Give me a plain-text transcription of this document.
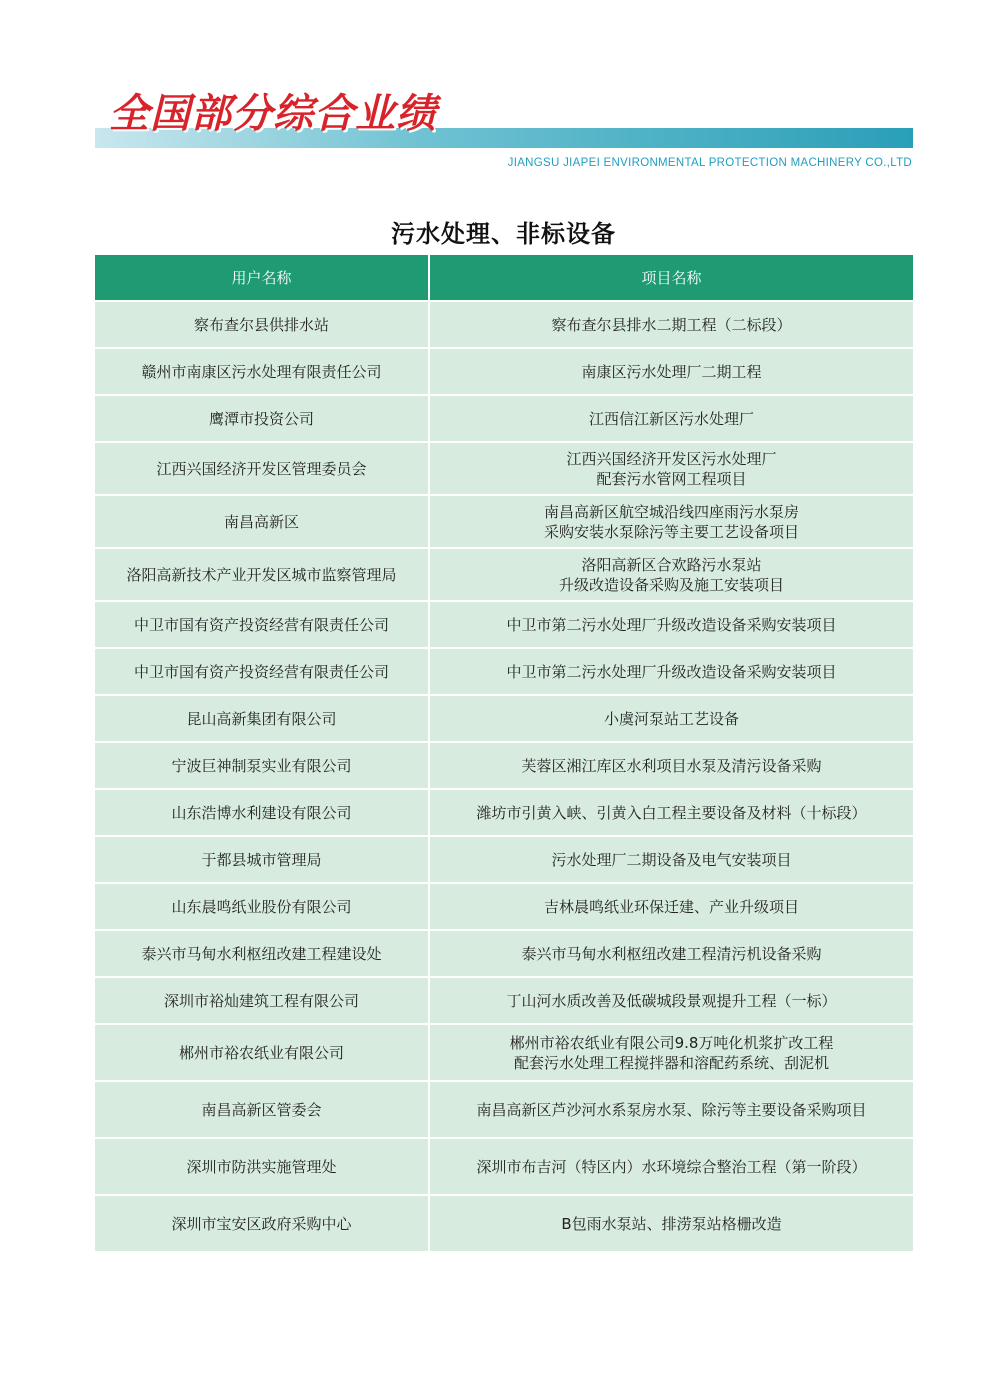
全国部分综合业绩
JIANGSU JIAPEI ENVIRONMENTAL PROTECTION MACHINERY CO.,LTD
污水处理、非标设备
用户名称	项目名称
察布查尔县供排水站	察布查尔县排水二期工程（二标段）

赣州市南康区污水处理有限责任公司	南康区污水处理厂二期工程

鹰潭市投资公司	江西信江新区污水处理厂

江西兴国经济开发区管理委员会	江西兴国经济开发区污水处理厂
配套污水管网工程项目

南昌高新区	南昌高新区航空城沿线四座雨污水泵房
采购安装水泵除污等主要工艺设备项目

洛阳高新技术产业开发区城市监察管理局	洛阳高新区合欢路污水泵站
升级改造设备采购及施工安装项目

中卫市国有资产投资经营有限责任公司	中卫市第二污水处理厂升级改造设备采购安装项目

中卫市国有资产投资经营有限责任公司	中卫市第二污水处理厂升级改造设备采购安装项目

昆山高新集团有限公司	小虞河泵站工艺设备

宁波巨神制泵实业有限公司	芙蓉区湘江库区水利项目水泵及清污设备采购

山东浩博水利建设有限公司	潍坊市引黄入峡、引黄入白工程主要设备及材料（十标段）

于都县城市管理局	污水处理厂二期设备及电气安装项目

山东晨鸣纸业股份有限公司	吉林晨鸣纸业环保迁建、产业升级项目

泰兴市马甸水利枢纽改建工程建设处	泰兴市马甸水利枢纽改建工程清污机设备采购

深圳市裕灿建筑工程有限公司	丁山河水质改善及低碳城段景观提升工程（一标）

郴州市裕农纸业有限公司	郴州市裕农纸业有限公司9.8万吨化机浆扩改工程
配套污水处理工程搅拌器和溶配药系统、刮泥机

南昌高新区管委会	南昌高新区芦沙河水系泵房水泵、除污等主要设备采购项目

深圳市防洪实施管理处	深圳市布吉河（特区内）水环境综合整治工程（第一阶段）

深圳市宝安区政府采购中心	B包雨水泵站、排涝泵站格栅改造
